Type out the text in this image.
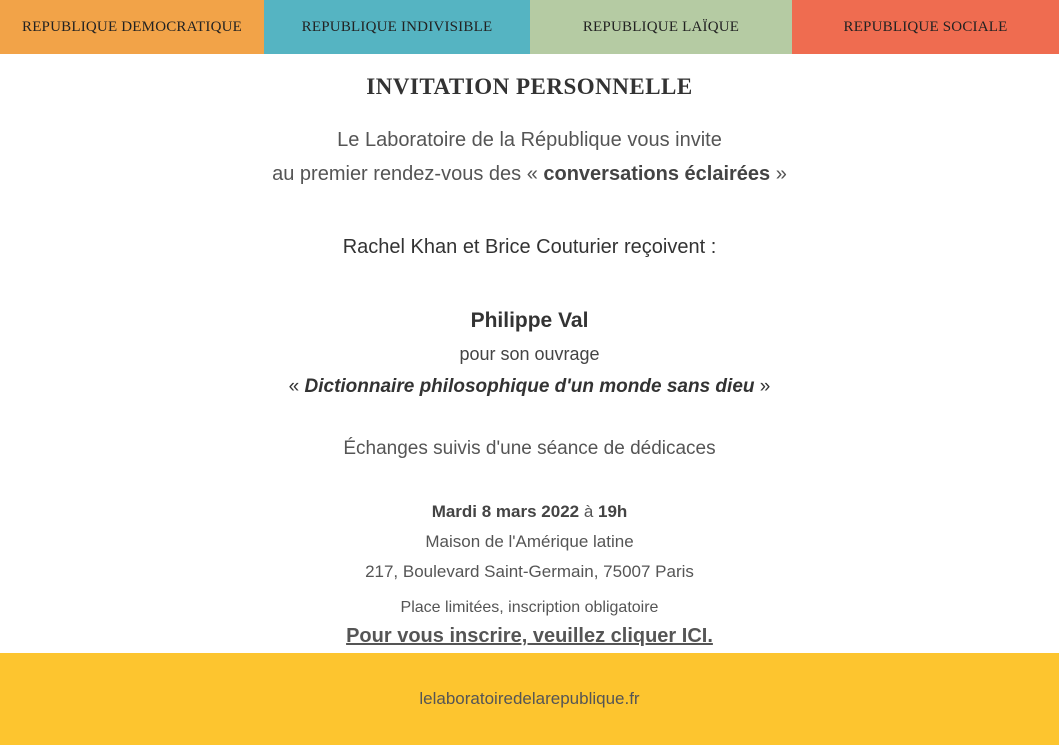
REPUBLIQUE DEMOCRATIQUE	REPUBLIQUE INDIVISIBLE	REPUBLIQUE LAÏQUE	REPUBLIQUE SOCIALE
INVITATION PERSONNELLE
Le Laboratoire de la République vous invite
au premier rendez-vous des « conversations éclairées »
Rachel Khan et Brice Couturier reçoivent :
Philippe Val
pour son ouvrage
« Dictionnaire philosophique d'un monde sans dieu »
Échanges suivis d'une séance de dédicaces
Mardi 8 mars 2022 à 19h
Maison de l'Amérique latine
217, Boulevard Saint-Germain, 75007 Paris
Place limitées, inscription obligatoire
Pour vous inscrire, veuillez cliquer ICI.
lelaboratoiredelarepublique.fr
